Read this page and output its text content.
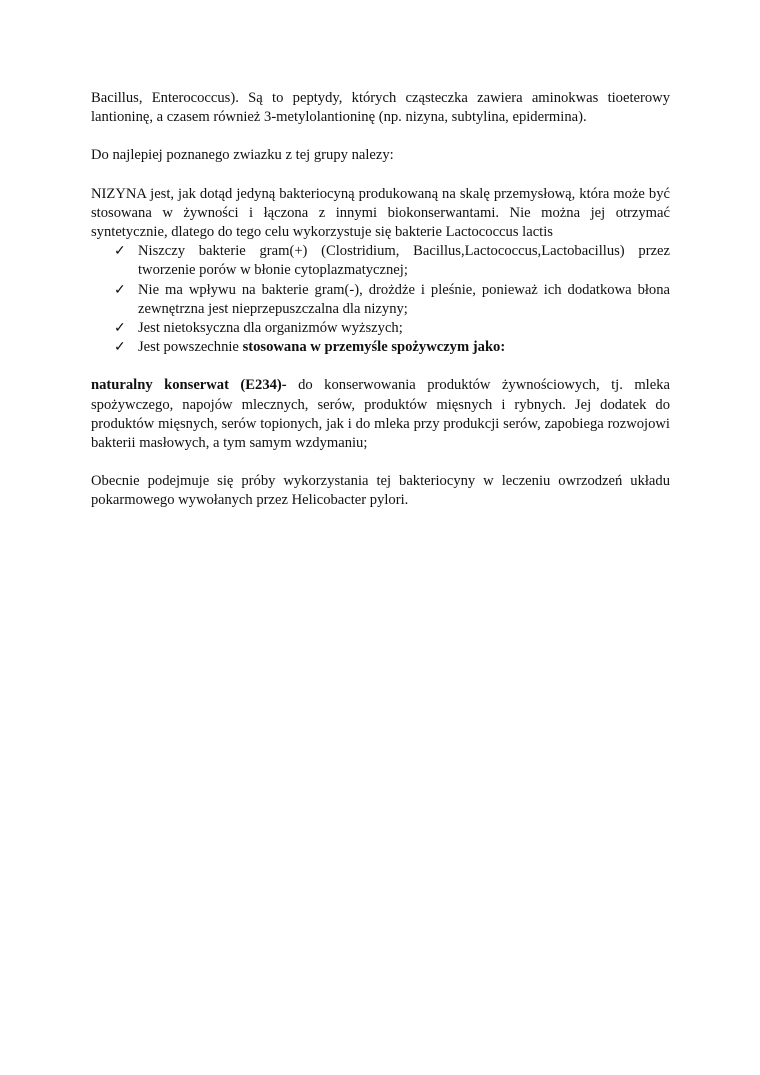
Bacillus, Enterococcus). Są to peptydy, których cząsteczka zawiera aminokwas tioeterowy lantioninę, a czasem również 3-metylolantioninę (np. nizyna, subtylina, epidermina).

Do najlepiej poznanego zwiazku z tej grupy nalezy:

NIZYNA jest, jak dotąd jedyną bakteriocyną produkowaną na skalę przemysłową, która może być stosowana w żywności i łączona z innymi biokonserwantami. Nie można jej otrzymać syntetycznie, dlatego do tego celu wykorzystuje się bakterie Lactococcus lactis

✓ Niszczy bakterie gram(+) (Clostridium, Bacillus,Lactococcus,Lactobacillus) przez tworzenie porów w błonie cytoplazmatycznej;
✓ Nie ma wpływu na bakterie gram(-), drożdże i pleśnie, ponieważ ich dodatkowa błona zewnętrzna jest nieprzepuszczalna dla nizyny;
✓ Jest nietoksyczna dla organizmów wyższych;
✓ Jest powszechnie stosowana w przemyśle spożywczym jako:

naturalny konserwat (E234)- do konserwowania produktów żywnościowych, tj. mleka spożywczego, napojów mlecznych, serów, produktów mięsnych i rybnych. Jej dodatek do produktów mięsnych, serów topionych, jak i do mleka przy produkcji serów, zapobiega rozwojowi bakterii masłowych, a tym samym wzdymaniu;

Obecnie podejmuje się próby wykorzystania tej bakteriocyny w leczeniu owrzodzeń układu pokarmowego wywołanych przez Helicobacter pylori.
